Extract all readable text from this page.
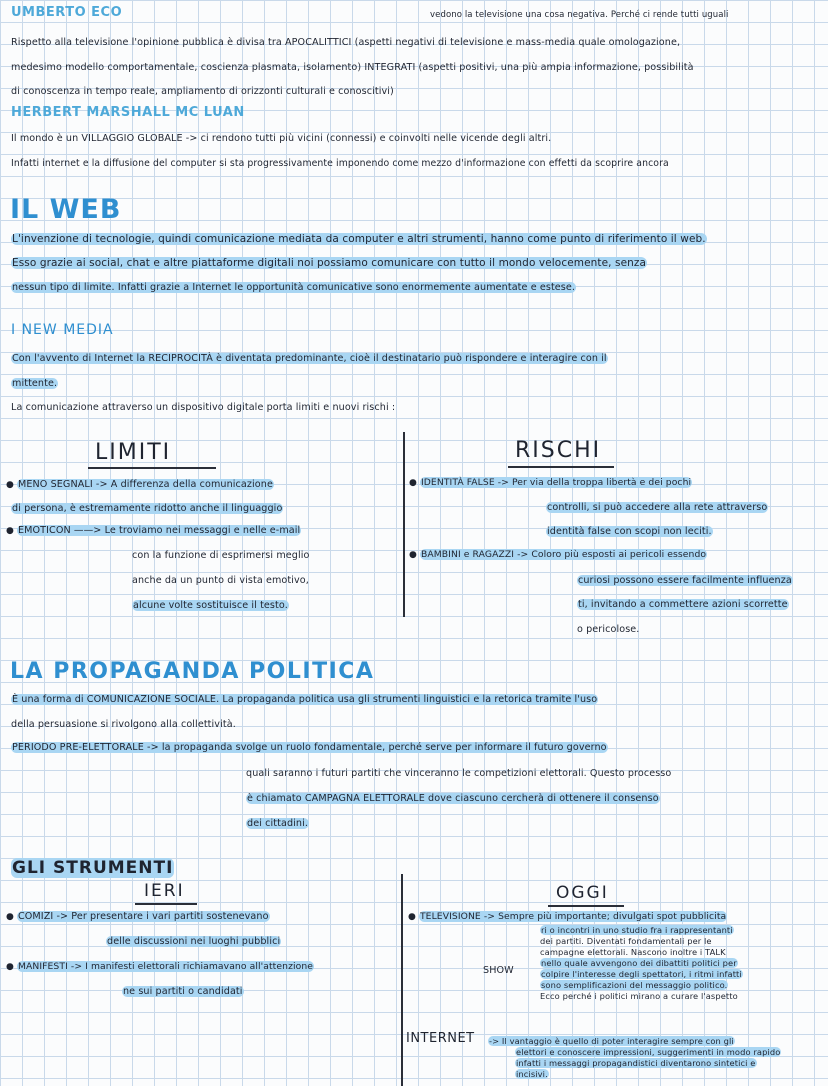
UMBERTO ECO	vedono la televisione una cosa negativa. Perché ci rende tutti uguali
Rispetto alla televisione l'opinione pubblica è divisa tra APOCALITTICI (aspetti negativi di televisione e mass-media quale omologazione,
medesimo modello comportamentale, coscienza plasmata, isolamento) INTEGRATI (aspetti positivi, una più ampia informazione, possibilità
di conoscenza in tempo reale, ampliamento di orizzonti culturali e conoscitivi)
HERBERT MARSHALL MC LUAN
Il mondo è un VILLAGGIO GLOBALE -> ci rendono tutti più vicini (connessi) e coinvolti nelle vicende degli altri.
Infatti internet e la diffusione del computer si sta progressivamente imponendo come mezzo d'informazione con effetti da scoprire ancora
IL WEB
L'invenzione di tecnologie, quindi comunicazione mediata da computer e altri strumenti, hanno come punto di riferimento il web.
Esso grazie ai social, chat e altre piattaforme digitali noi possiamo comunicare con tutto il mondo velocemente, senza
nessun tipo di limite. Infatti grazie a Internet le opportunità comunicative sono enormemente aumentate e estese.
I NEW MEDIA
Con l'avvento di Internet la RECIPROCITÀ è diventata predominante, cioè il destinatario può rispondere e interagire con il
mittente.
La comunicazione attraverso un dispositivo digitale porta limiti e nuovi rischi :
LIMITI	RISCHI
● MENO SEGNALI -> A differenza della comunicazione
di persona, è estremamente ridotto anche il linguaggio
● EMOTICON ——> Le troviamo nei messaggi e nelle e-mail
con la funzione di esprimersi meglio
anche da un punto di vista emotivo,
alcune volte sostituisce il testo.
● IDENTITÀ FALSE -> Per via della troppa libertà e dei pochi
controlli, si può accedere alla rete attraverso
identità false con scopi non leciti.
● BAMBINI e RAGAZZI -> Coloro più esposti ai pericoli essendo
curiosi possono essere facilmente influenza
ti, invitando a commettere azioni scorrette
o pericolose.
LA PROPAGANDA POLITICA
È una forma di COMUNICAZIONE SOCIALE. La propaganda politica usa gli strumenti linguistici e la retorica tramite l'uso
della persuasione si rivolgono alla collettività.
PERIODO PRE-ELETTORALE -> la propaganda svolge un ruolo fondamentale, perché serve per informare il futuro governo
quali saranno i futuri partiti che vinceranno le competizioni elettorali. Questo processo
è chiamato CAMPAGNA ELETTORALE dove ciascuno cercherà di ottenere il consenso
dei cittadini.
GLI STRUMENTI
IERI	OGGI
● COMIZI -> Per presentare i vari partiti sostenevano
delle discussioni nei luoghi pubblici
● MANIFESTI -> I manifesti elettorali richiamavano all'attenzione
ne sui partiti o candidati
● TELEVISIONE -> Sempre più importante; divulgati spot pubblicita
ri o incontri in uno studio fra i rappresentanti
dei partiti. Diventati fondamentali per le
campagne elettorali. Nascono inoltre i TALK
SHOW
nello quale avvengono dei dibattiti politici per
colpire l'interesse degli spettatori, i ritmi infatti
sono semplificazioni del messaggio politico.
Ecco perché i politici mirano a curare l'aspetto
INTERNET -> Il vantaggio è quello di poter interagire sempre con gli
elettori e conoscere impressioni, suggerimenti in modo rapido
infatti i messaggi propagandistici diventarono sintetici e
incisivi.
